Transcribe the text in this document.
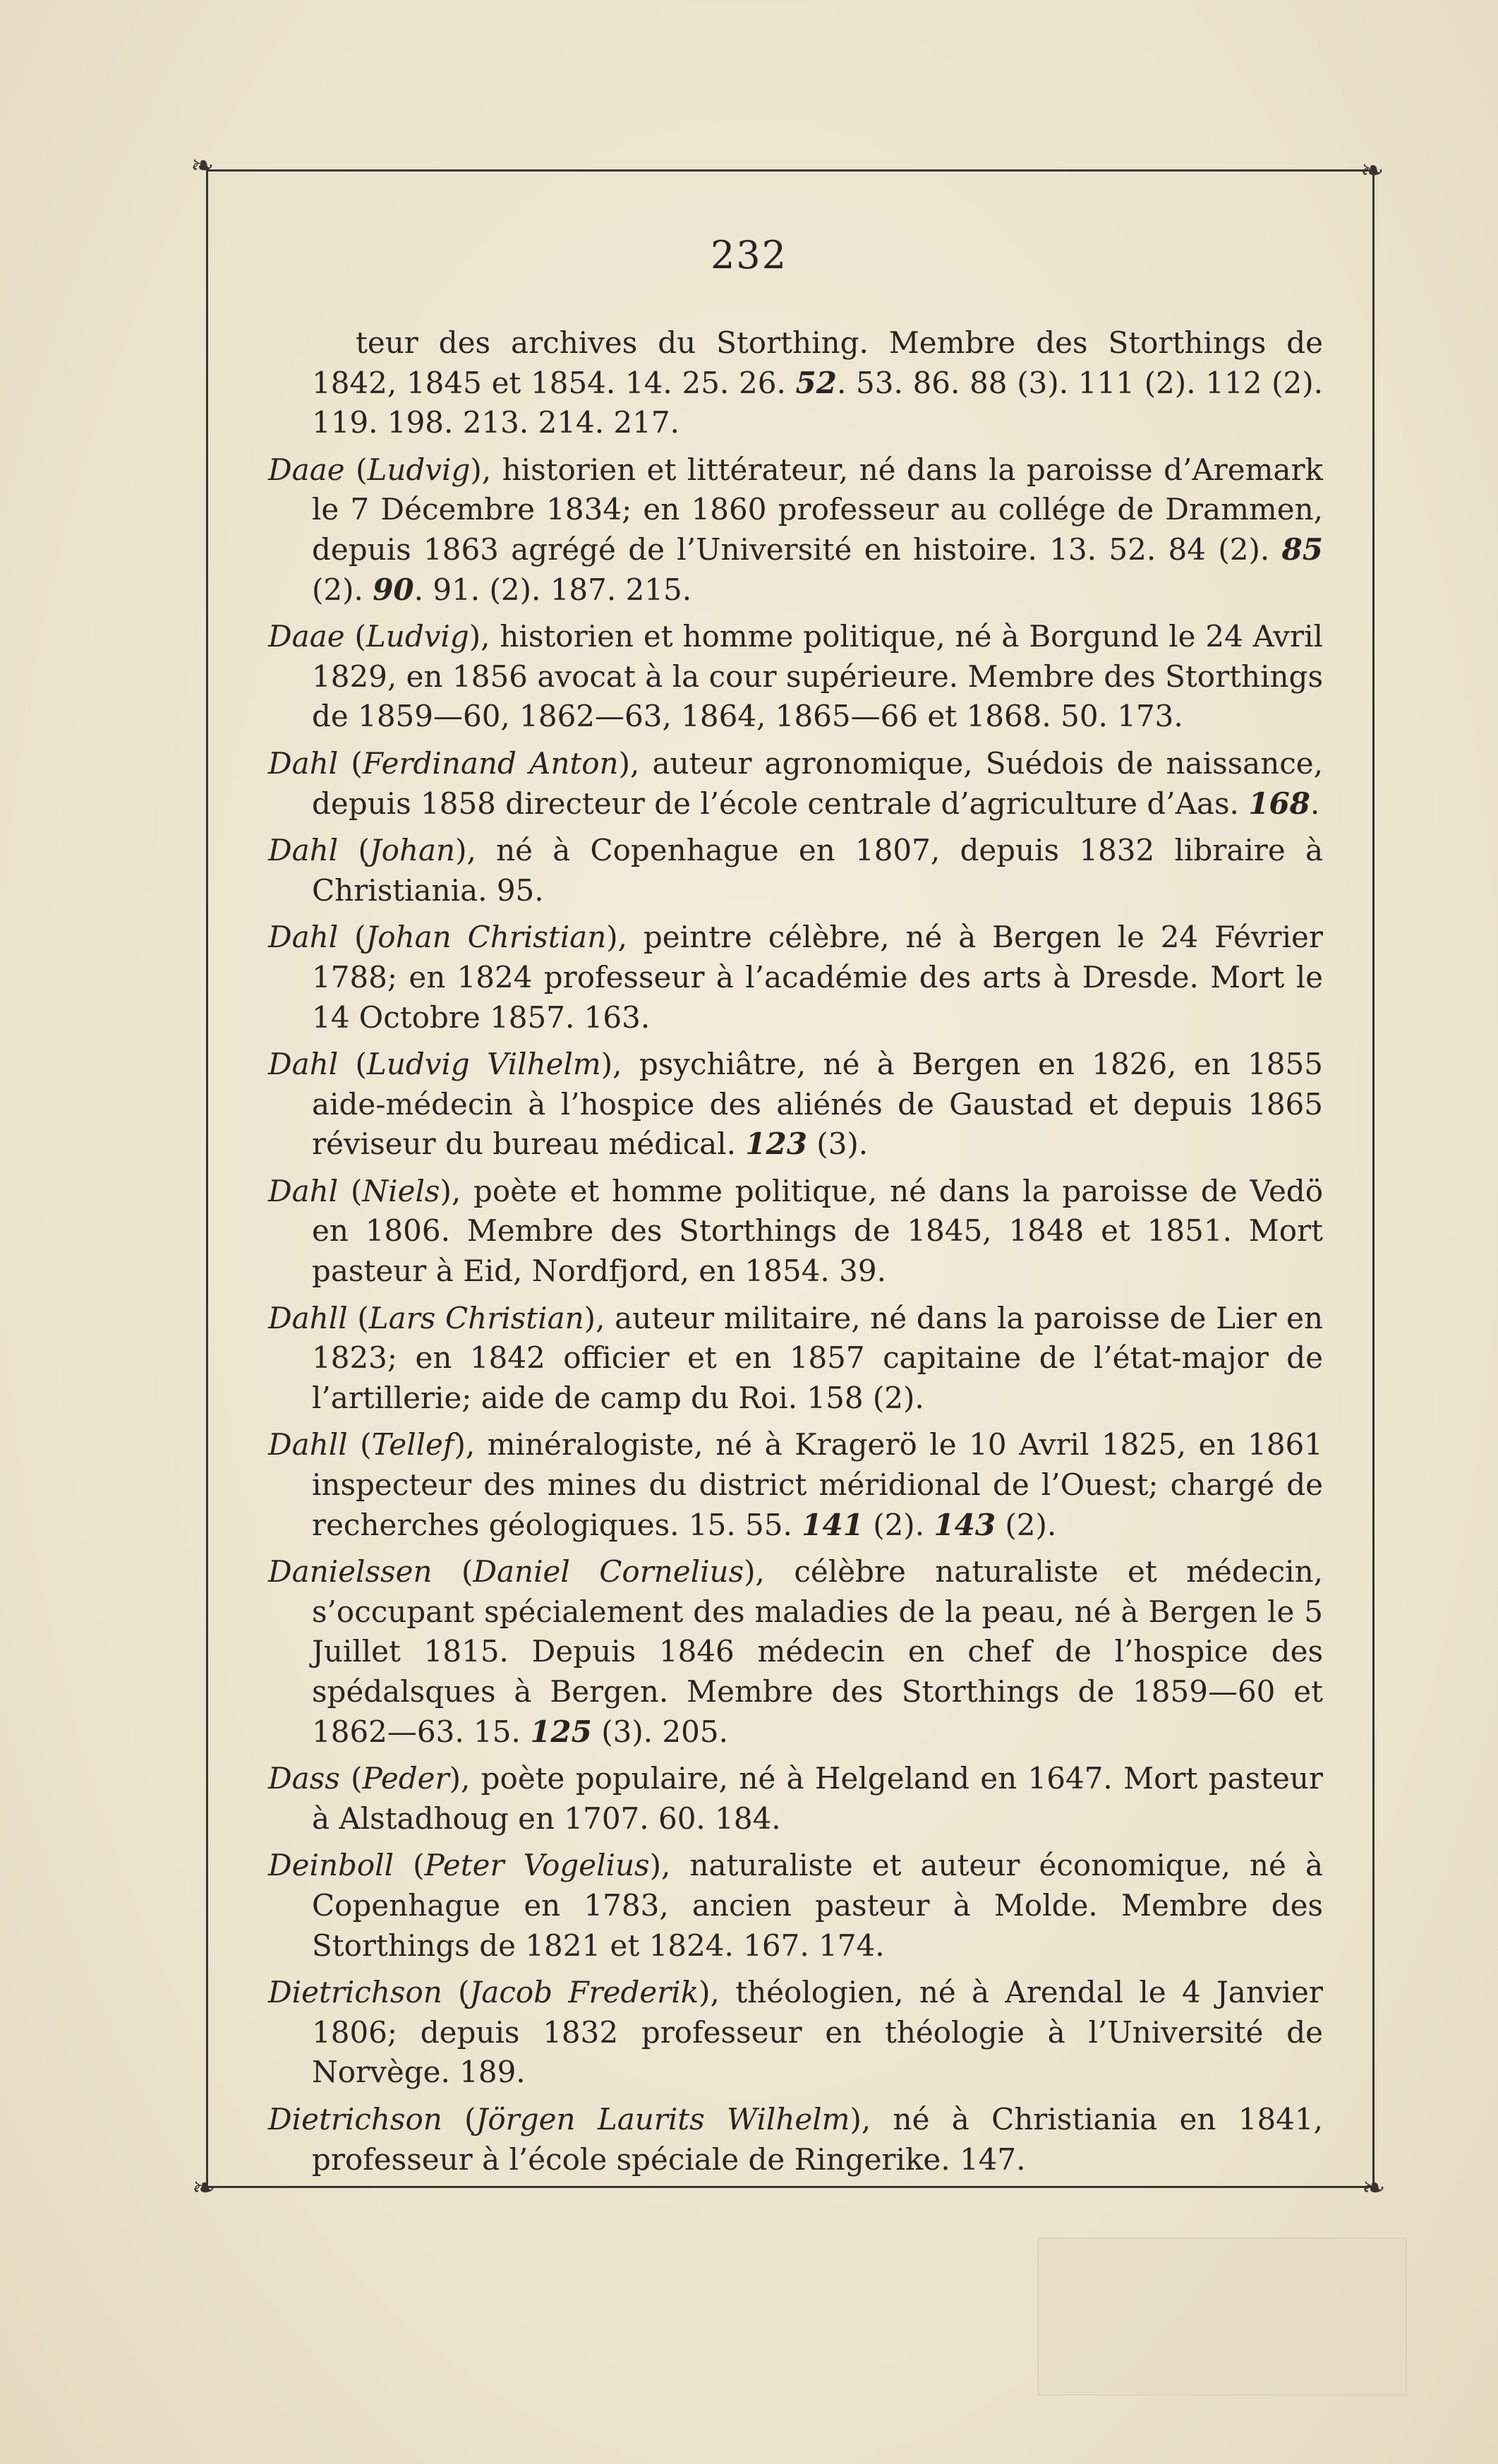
❧	❧
❧	❧
232

teur des archives du Storthing. Membre des Storthings de 1842, 1845 et 1854. 14. 25. 26. 52. 53. 86. 88 (3). 111 (2). 112 (2). 119. 198. 213. 214. 217.

Daae (Ludvig), historien et littérateur, né dans la paroisse d’Aremark le 7 Décembre 1834; en 1860 professeur au collége de Drammen, depuis 1863 agrégé de l’Université en histoire. 13. 52. 84 (2). 85 (2). 90. 91. (2). 187. 215.

Daae (Ludvig), historien et homme politique, né à Borgund le 24 Avril 1829, en 1856 avocat à la cour supérieure. Membre des Storthings de 1859—60, 1862—63, 1864, 1865—66 et 1868. 50. 173.

Dahl (Ferdinand Anton), auteur agronomique, Suédois de naissance, depuis 1858 directeur de l’école centrale d’agriculture d’Aas. 168.

Dahl (Johan), né à Copenhague en 1807, depuis 1832 libraire à Christiania. 95.

Dahl (Johan Christian), peintre célèbre, né à Bergen le 24 Février 1788; en 1824 professeur à l’académie des arts à Dresde. Mort le 14 Octobre 1857. 163.

Dahl (Ludvig Vilhelm), psychiâtre, né à Bergen en 1826, en 1855 aide-médecin à l’hospice des aliénés de Gaustad et depuis 1865 réviseur du bureau médical. 123 (3).

Dahl (Niels), poète et homme politique, né dans la paroisse de Vedö en 1806. Membre des Storthings de 1845, 1848 et 1851. Mort pasteur à Eid, Nordfjord, en 1854. 39.

Dahll (Lars Christian), auteur militaire, né dans la paroisse de Lier en 1823; en 1842 officier et en 1857 capitaine de l’état-major de l’artillerie; aide de camp du Roi. 158 (2).

Dahll (Tellef), minéralogiste, né à Kragerö le 10 Avril 1825, en 1861 inspecteur des mines du district méridional de l’Ouest; chargé de recherches géologiques. 15. 55. 141 (2). 143 (2).

Danielssen (Daniel Cornelius), célèbre naturaliste et médecin, s’occupant spécialement des maladies de la peau, né à Bergen le 5 Juillet 1815. Depuis 1846 médecin en chef de l’hospice des spédalsques à Bergen. Membre des Storthings de 1859—60 et 1862—63. 15. 125 (3). 205.

Dass (Peder), poète populaire, né à Helgeland en 1647. Mort pasteur à Alstadhoug en 1707. 60. 184.

Deinboll (Peter Vogelius), naturaliste et auteur économique, né à Copenhague en 1783, ancien pasteur à Molde. Membre des Storthings de 1821 et 1824. 167. 174.

Dietrichson (Jacob Frederik), théologien, né à Arendal le 4 Janvier 1806; depuis 1832 professeur en théologie à l’Université de Norvège. 189.

Dietrichson (Jörgen Laurits Wilhelm), né à Christiania en 1841, professeur à l’école spéciale de Ringerike. 147.
